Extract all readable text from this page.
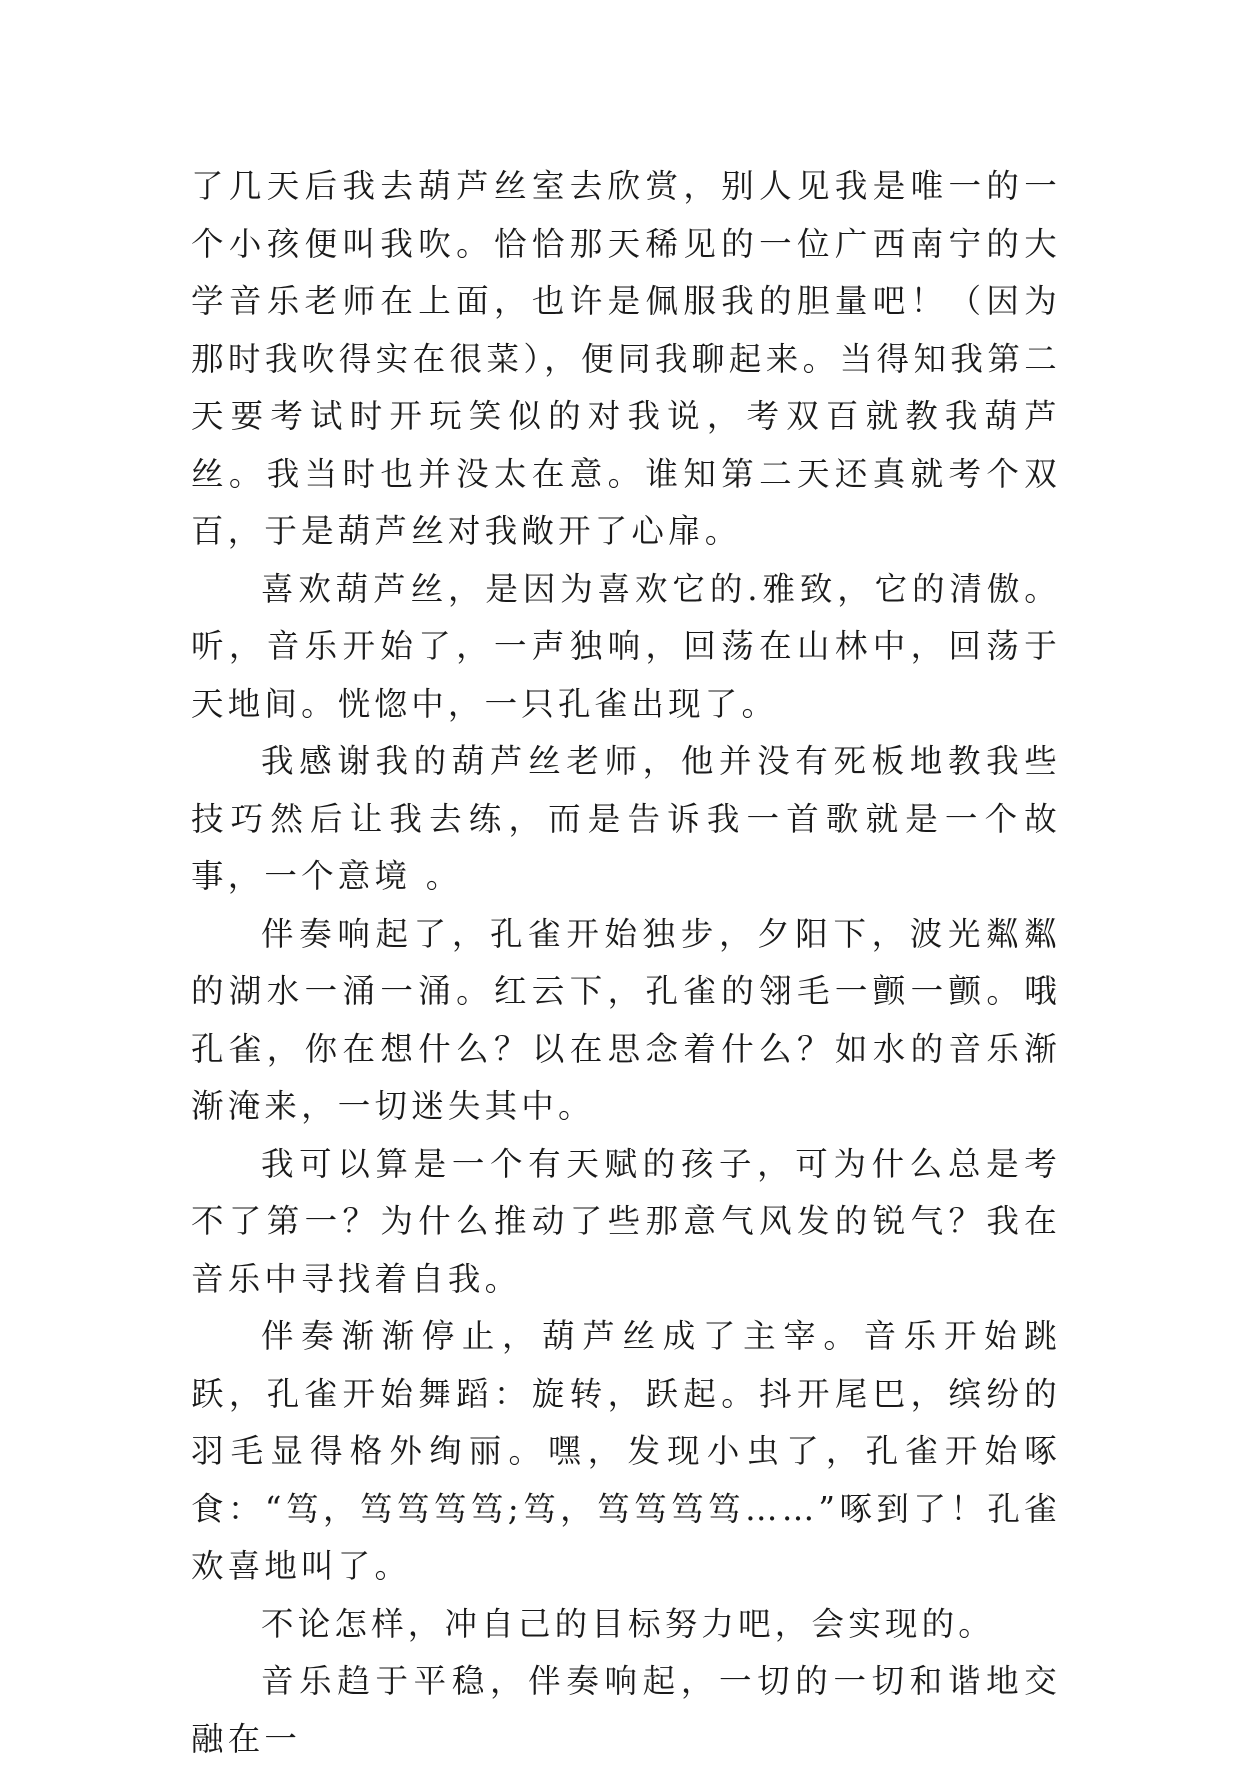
了几天后我去葫芦丝室去欣赏，别人见我是唯一的一个小孩便叫我吹。恰恰那天稀见的一位广西南宁的大学音乐老师在上面，也许是佩服我的胆量吧！（因为那时我吹得实在很菜），便同我聊起来。当得知我第二天要考试时开玩笑似的对我说，考双百就教我葫芦丝。我当时也并没太在意。谁知第二天还真就考个双百，于是葫芦丝对我敞开了心扉。

喜欢葫芦丝，是因为喜欢它的.雅致，它的清傲。听，音乐开始了，一声独响，回荡在山林中，回荡于天地间。恍惚中，一只孔雀出现了。

我感谢我的葫芦丝老师，他并没有死板地教我些技巧然后让我去练，而是告诉我一首歌就是一个故事，一个意境 。

伴奏响起了，孔雀开始独步，夕阳下，波光粼粼的湖水一涌一涌。红云下，孔雀的翎毛一颤一颤。哦孔雀，你在想什么？以在思念着什么？如水的音乐渐渐淹来，一切迷失其中。

我可以算是一个有天赋的孩子，可为什么总是考不了第一？为什么推动了些那意气风发的锐气？我在音乐中寻找着自我。

伴奏渐渐停止，葫芦丝成了主宰。音乐开始跳跃，孔雀开始舞蹈：旋转，跃起。抖开尾巴，缤纷的羽毛显得格外绚丽。嘿，发现小虫了，孔雀开始啄食：“笃，笃笃笃笃;笃，笃笃笃笃……”啄到了！孔雀欢喜地叫了。

不论怎样，冲自己的目标努力吧，会实现的。

音乐趋于平稳，伴奏响起，一切的一切和谐地交融在一
